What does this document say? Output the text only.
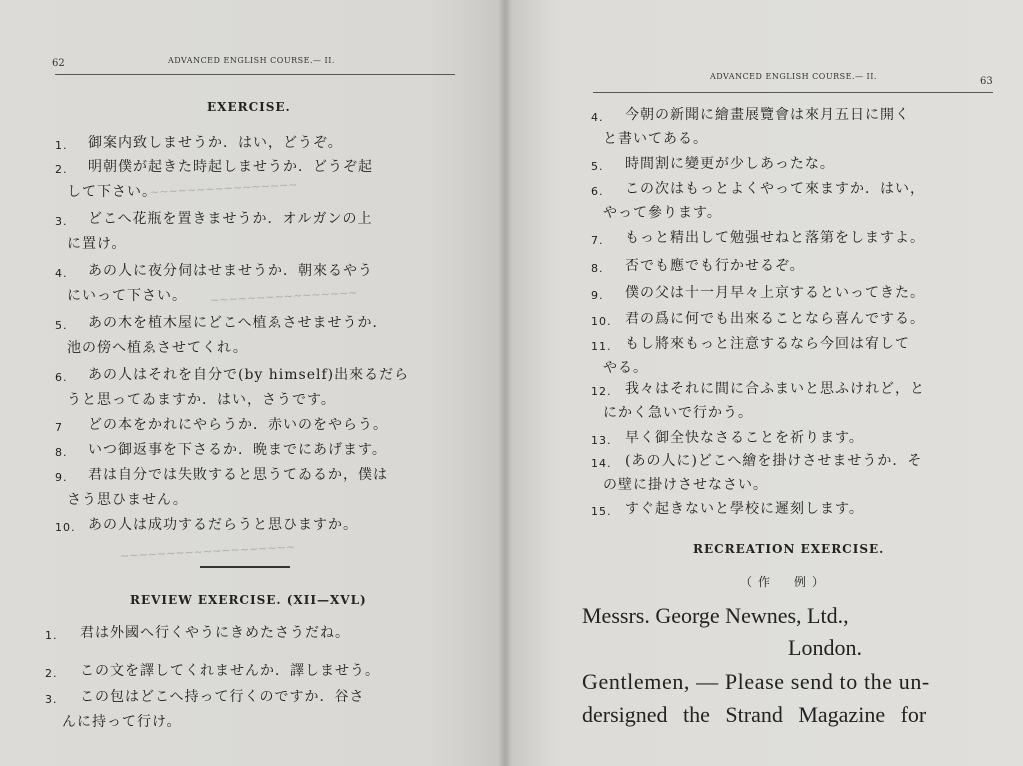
62	ADVANCED ENGLISH COURSE.— II.
EXERCISE.
1. 御案内致しませうか．はい，どうぞ。
2. 明朝僕が起きた時起しませうか．どうぞ起
して下さい。
3. どこへ花瓶を置きませうか．オルガンの上
に置け。
4. あの人に夜分伺はせませうか．朝來るやう
にいって下さい。
5. あの木を植木屋にどこへ植ゑさせませうか．
池の傍へ植ゑさせてくれ。
6. あの人はそれを自分で(by himself)出來るだら
うと思ってゐますか．はい，さうです。
7 どの本をかれにやらうか．赤いのをやらう。
8. いつ御返事を下さるか．晩までにあげます。
9. 君は自分では失敗すると思うてゐるか，僕は
さう思ひません。
10. あの人は成功するだらうと思ひますか。
REVIEW EXERCISE. (XII—XVL)
1. 君は外國へ行くやうにきめたさうだね。
2. この文を譯してくれませんか．譯しませう。
3. この包はどこへ持って行くのですか．谷さ
んに持って行け。
~~~~~~~~~~~~~~~~
~~~~~~~~~~~~~~~~
~~~~~~~~~~~~~~~~~~~
ADVANCED ENGLISH COURSE.— II.	63
4. 今朝の新聞に繪畫展覽會は來月五日に開く
と書いてある。
5. 時間割に變更が少しあったな。
6. この次はもっとよくやって來ますか．はい，
やって參ります。
7. もっと精出して勉强せねと落第をしますよ。
8. 否でも應でも行かせるぞ。
9. 僕の父は十一月早々上京するといってきた。
10. 君の爲に何でも出來ることなら喜んでする。
11. もし將來もっと注意するなら今回は宥して
やる。
12. 我々はそれに間に合ふまいと思ふけれど，と
にかく急いで行かう。
13. 早く御全快なさることを祈ります。
14. (あの人に)どこへ繪を掛けさせませうか．そ
の壁に掛けさせなさい。
15. すぐ起きないと學校に遲刻します。
RECREATION EXERCISE.
（作　例）
Messrs. George Newnes, Ltd.,
London.
Gentlemen, — Please send to the un-
dersigned the Strand Magazine for
